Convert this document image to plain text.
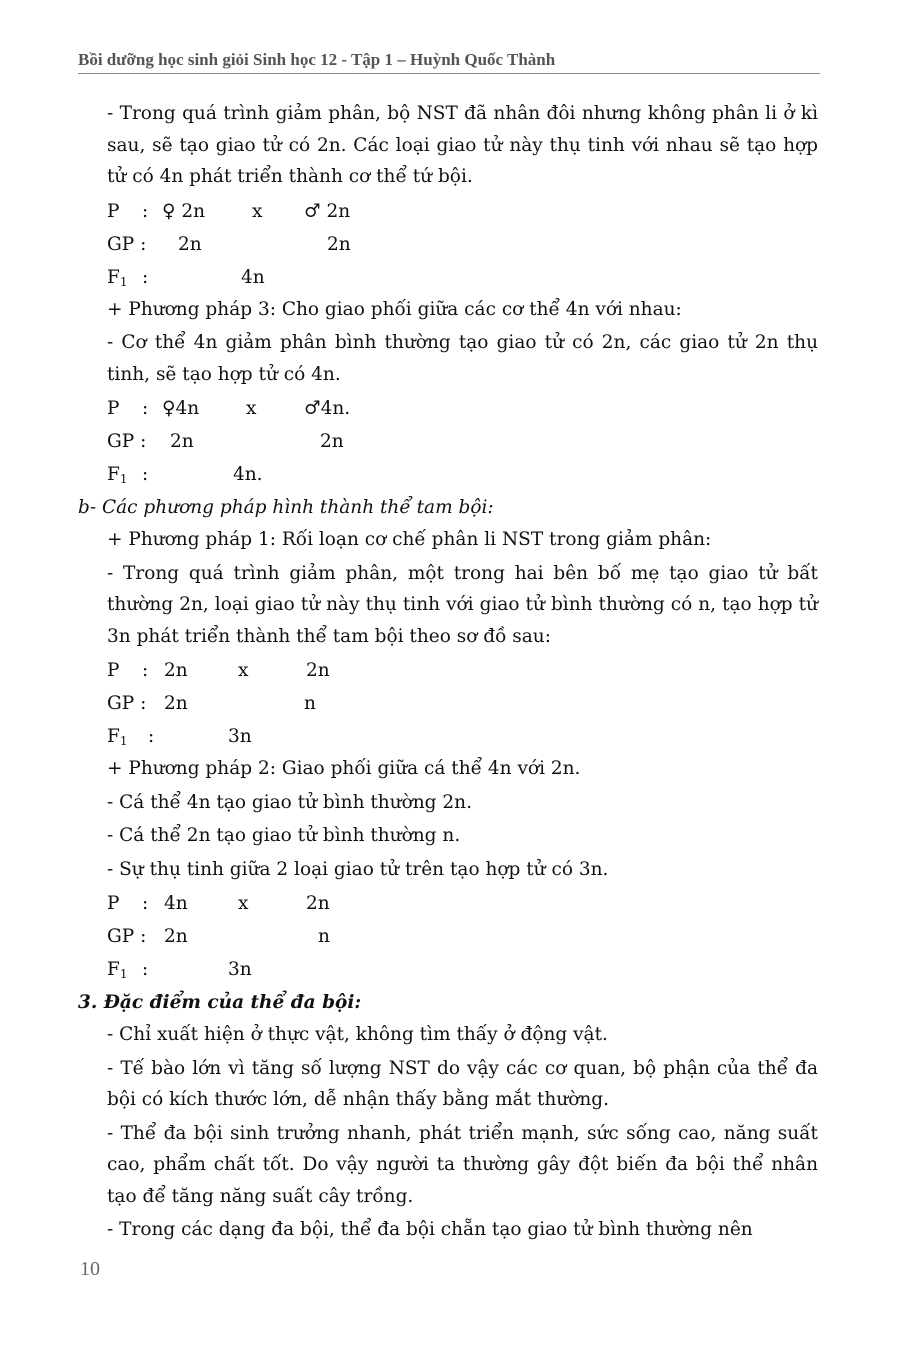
Bồi dưỡng học sinh giỏi Sinh học 12 - Tập 1 – Huỳnh Quốc Thành

- Trong quá trình giảm phân, bộ NST đã nhân đôi nhưng không phân li ở kì sau, sẽ tạo giao tử có 2n. Các loại giao tử này thụ tinh với nhau sẽ tạo hợp tử có 4n phát triển thành cơ thể tứ bội.

P : ♀ 2n	x ♂ 2n
GP : 2n	2n
$F_1$ :	4n

+ Phương pháp 3: Cho giao phối giữa các cơ thể 4n với nhau:

- Cơ thể 4n giảm phân bình thường tạo giao tử có 2n, các giao tử 2n thụ tinh, sẽ tạo hợp tử có 4n.

P : ♀4n	x	♂4n.
GP : 2n	2n
$F_1$ :	4n.

b- Các phương pháp hình thành thể tam bội:

+ Phương pháp 1: Rối loạn cơ chế phân li NST trong giảm phân:

- Trong quá trình giảm phân, một trong hai bên bố mẹ tạo giao tử bất thường 2n, loại giao tử này thụ tinh với giao tử bình thường có n, tạo hợp tử 3n phát triển thành thể tam bội theo sơ đồ sau:

P : 2n	x	2n
GP : 2n	n
$F_1$ :	3n

+ Phương pháp 2: Giao phối giữa cá thể 4n với 2n.

- Cá thể 4n tạo giao tử bình thường 2n.

- Cá thể 2n tạo giao tử bình thường n.

- Sự thụ tinh giữa 2 loại giao tử trên tạo hợp tử có 3n.

P : 4n	x	2n
GP : 2n	n
$F_1$ :	3n

3. Đặc điểm của thể đa bội:

- Chỉ xuất hiện ở thực vật, không tìm thấy ở động vật.

- Tế bào lớn vì tăng số lượng NST do vậy các cơ quan, bộ phận của thể đa bội có kích thước lớn, dễ nhận thấy bằng mắt thường.

- Thể đa bội sinh trưởng nhanh, phát triển mạnh, sức sống cao, năng suất cao, phẩm chất tốt. Do vậy người ta thường gây đột biến đa bội thể nhân tạo để tăng năng suất cây trồng.

- Trong các dạng đa bội, thể đa bội chẵn tạo giao tử bình thường nên

10
